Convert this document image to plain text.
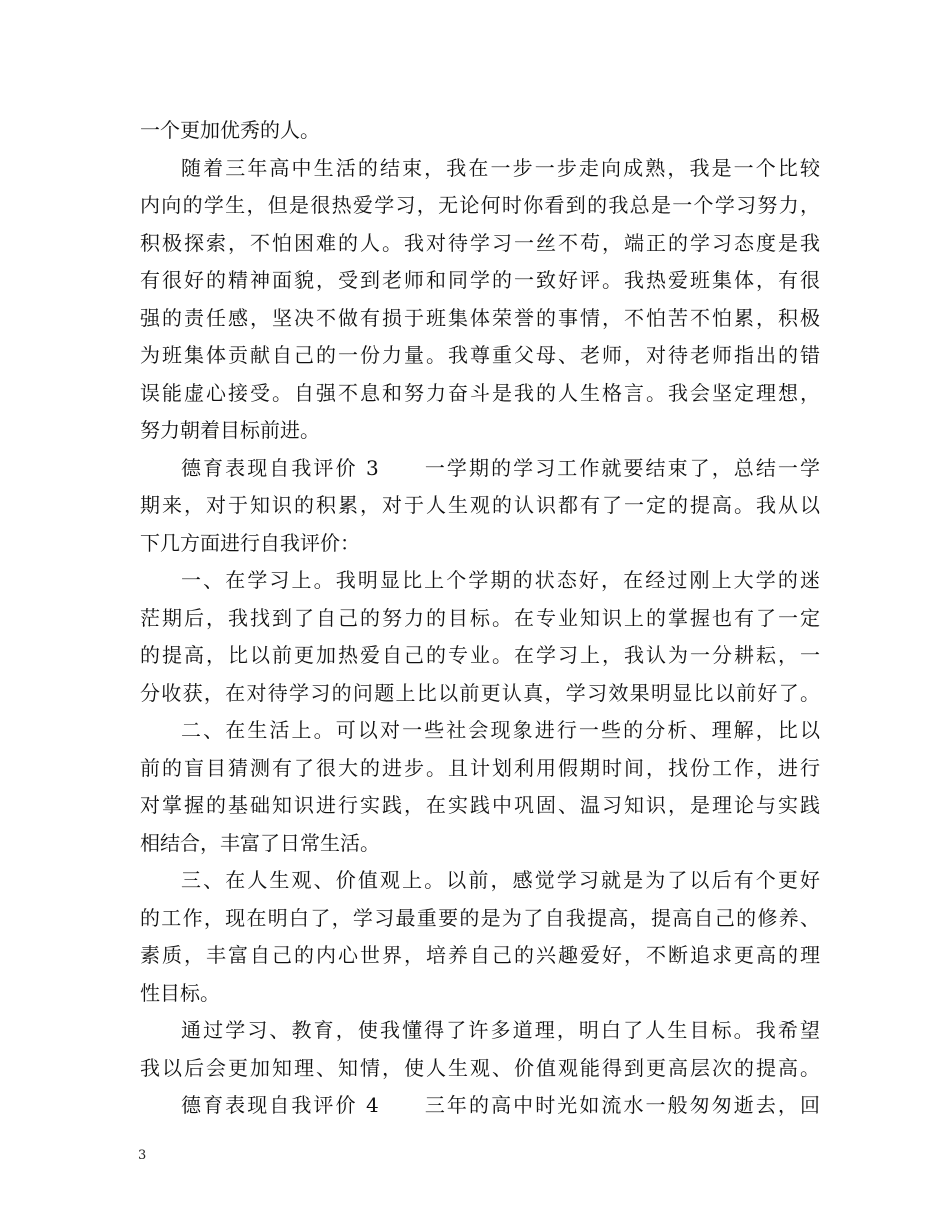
一个更加优秀的人。
随着三年高中生活的结束，我在一步一步走向成熟，我是一个比较
内向的学生，但是很热爱学习，无论何时你看到的我总是一个学习努力，
积极探索，不怕困难的人。我对待学习一丝不苟，端正的学习态度是我
有很好的精神面貌，受到老师和同学的一致好评。我热爱班集体，有很
强的责任感，坚决不做有损于班集体荣誉的事情，不怕苦不怕累，积极
为班集体贡献自己的一份力量。我尊重父母、老师，对待老师指出的错
误能虚心接受。自强不息和努力奋斗是我的人生格言。我会坚定理想，
努力朝着目标前进。
德育表现自我评价 3　　一学期的学习工作就要结束了，总结一学
期来，对于知识的积累，对于人生观的认识都有了一定的提高。我从以
下几方面进行自我评价：
一、在学习上。我明显比上个学期的状态好，在经过刚上大学的迷
茫期后，我找到了自己的努力的目标。在专业知识上的掌握也有了一定
的提高，比以前更加热爱自己的专业。在学习上，我认为一分耕耘，一
分收获，在对待学习的问题上比以前更认真，学习效果明显比以前好了。
二、在生活上。可以对一些社会现象进行一些的分析、理解，比以
前的盲目猜测有了很大的进步。且计划利用假期时间，找份工作，进行
对掌握的基础知识进行实践，在实践中巩固、温习知识，是理论与实践
相结合，丰富了日常生活。
三、在人生观、价值观上。以前，感觉学习就是为了以后有个更好
的工作，现在明白了，学习最重要的是为了自我提高，提高自己的修养、
素质，丰富自己的内心世界，培养自己的兴趣爱好，不断追求更高的理
性目标。
通过学习、教育，使我懂得了许多道理，明白了人生目标。我希望
我以后会更加知理、知情，使人生观、价值观能得到更高层次的提高。
德育表现自我评价 4　　三年的高中时光如流水一般匆匆逝去，回
3
